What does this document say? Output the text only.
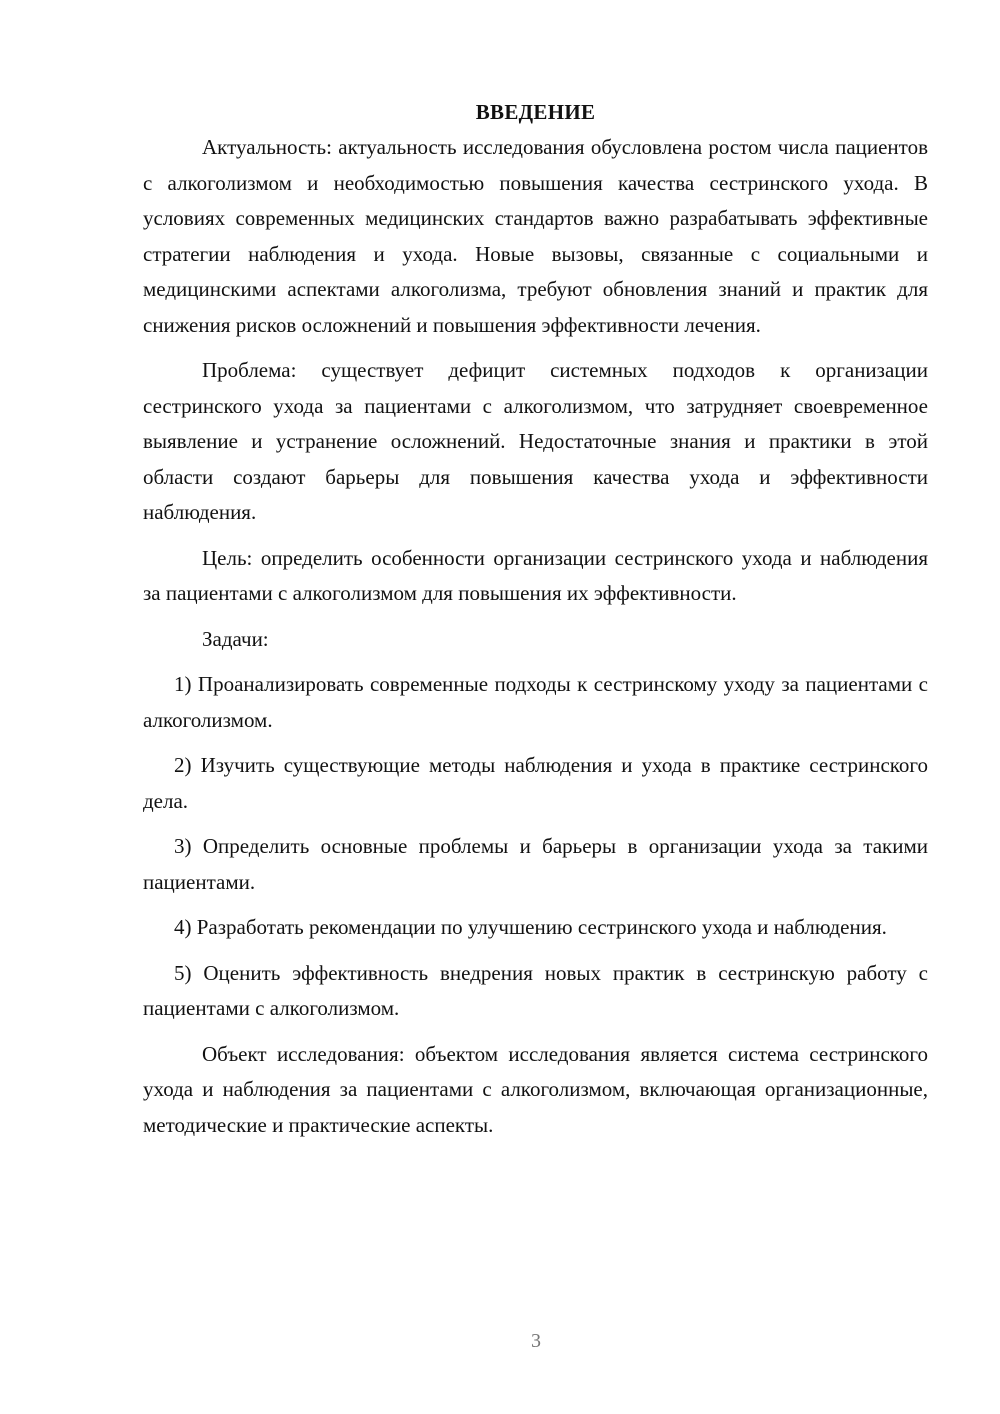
ВВЕДЕНИЕ

Актуальность: актуальность исследования обусловлена ростом числа пациентов с алкоголизмом и необходимостью повышения качества сестринского ухода. В условиях современных медицинских стандартов важно разрабатывать эффективные стратегии наблюдения и ухода. Новые вызовы, связанные с социальными и медицинскими аспектами алкоголизма, требуют обновления знаний и практик для снижения рисков осложнений и повышения эффективности лечения.

Проблема: существует дефицит системных подходов к организации сестринского ухода за пациентами с алкоголизмом, что затрудняет своевременное выявление и устранение осложнений. Недостаточные знания и практики в этой области создают барьеры для повышения качества ухода и эффективности наблюдения.

Цель: определить особенности организации сестринского ухода и наблюдения за пациентами с алкоголизмом для повышения их эффективности.

Задачи:

1) Проанализировать современные подходы к сестринскому уходу за пациентами с алкоголизмом.

2) Изучить существующие методы наблюдения и ухода в практике сестринского дела.

3) Определить основные проблемы и барьеры в организации ухода за такими пациентами.

4) Разработать рекомендации по улучшению сестринского ухода и наблюдения.

5) Оценить эффективность внедрения новых практик в сестринскую работу с пациентами с алкоголизмом.

Объект исследования: объектом исследования является система сестринского ухода и наблюдения за пациентами с алкоголизмом, включающая организационные, методические и практические аспекты.

3
